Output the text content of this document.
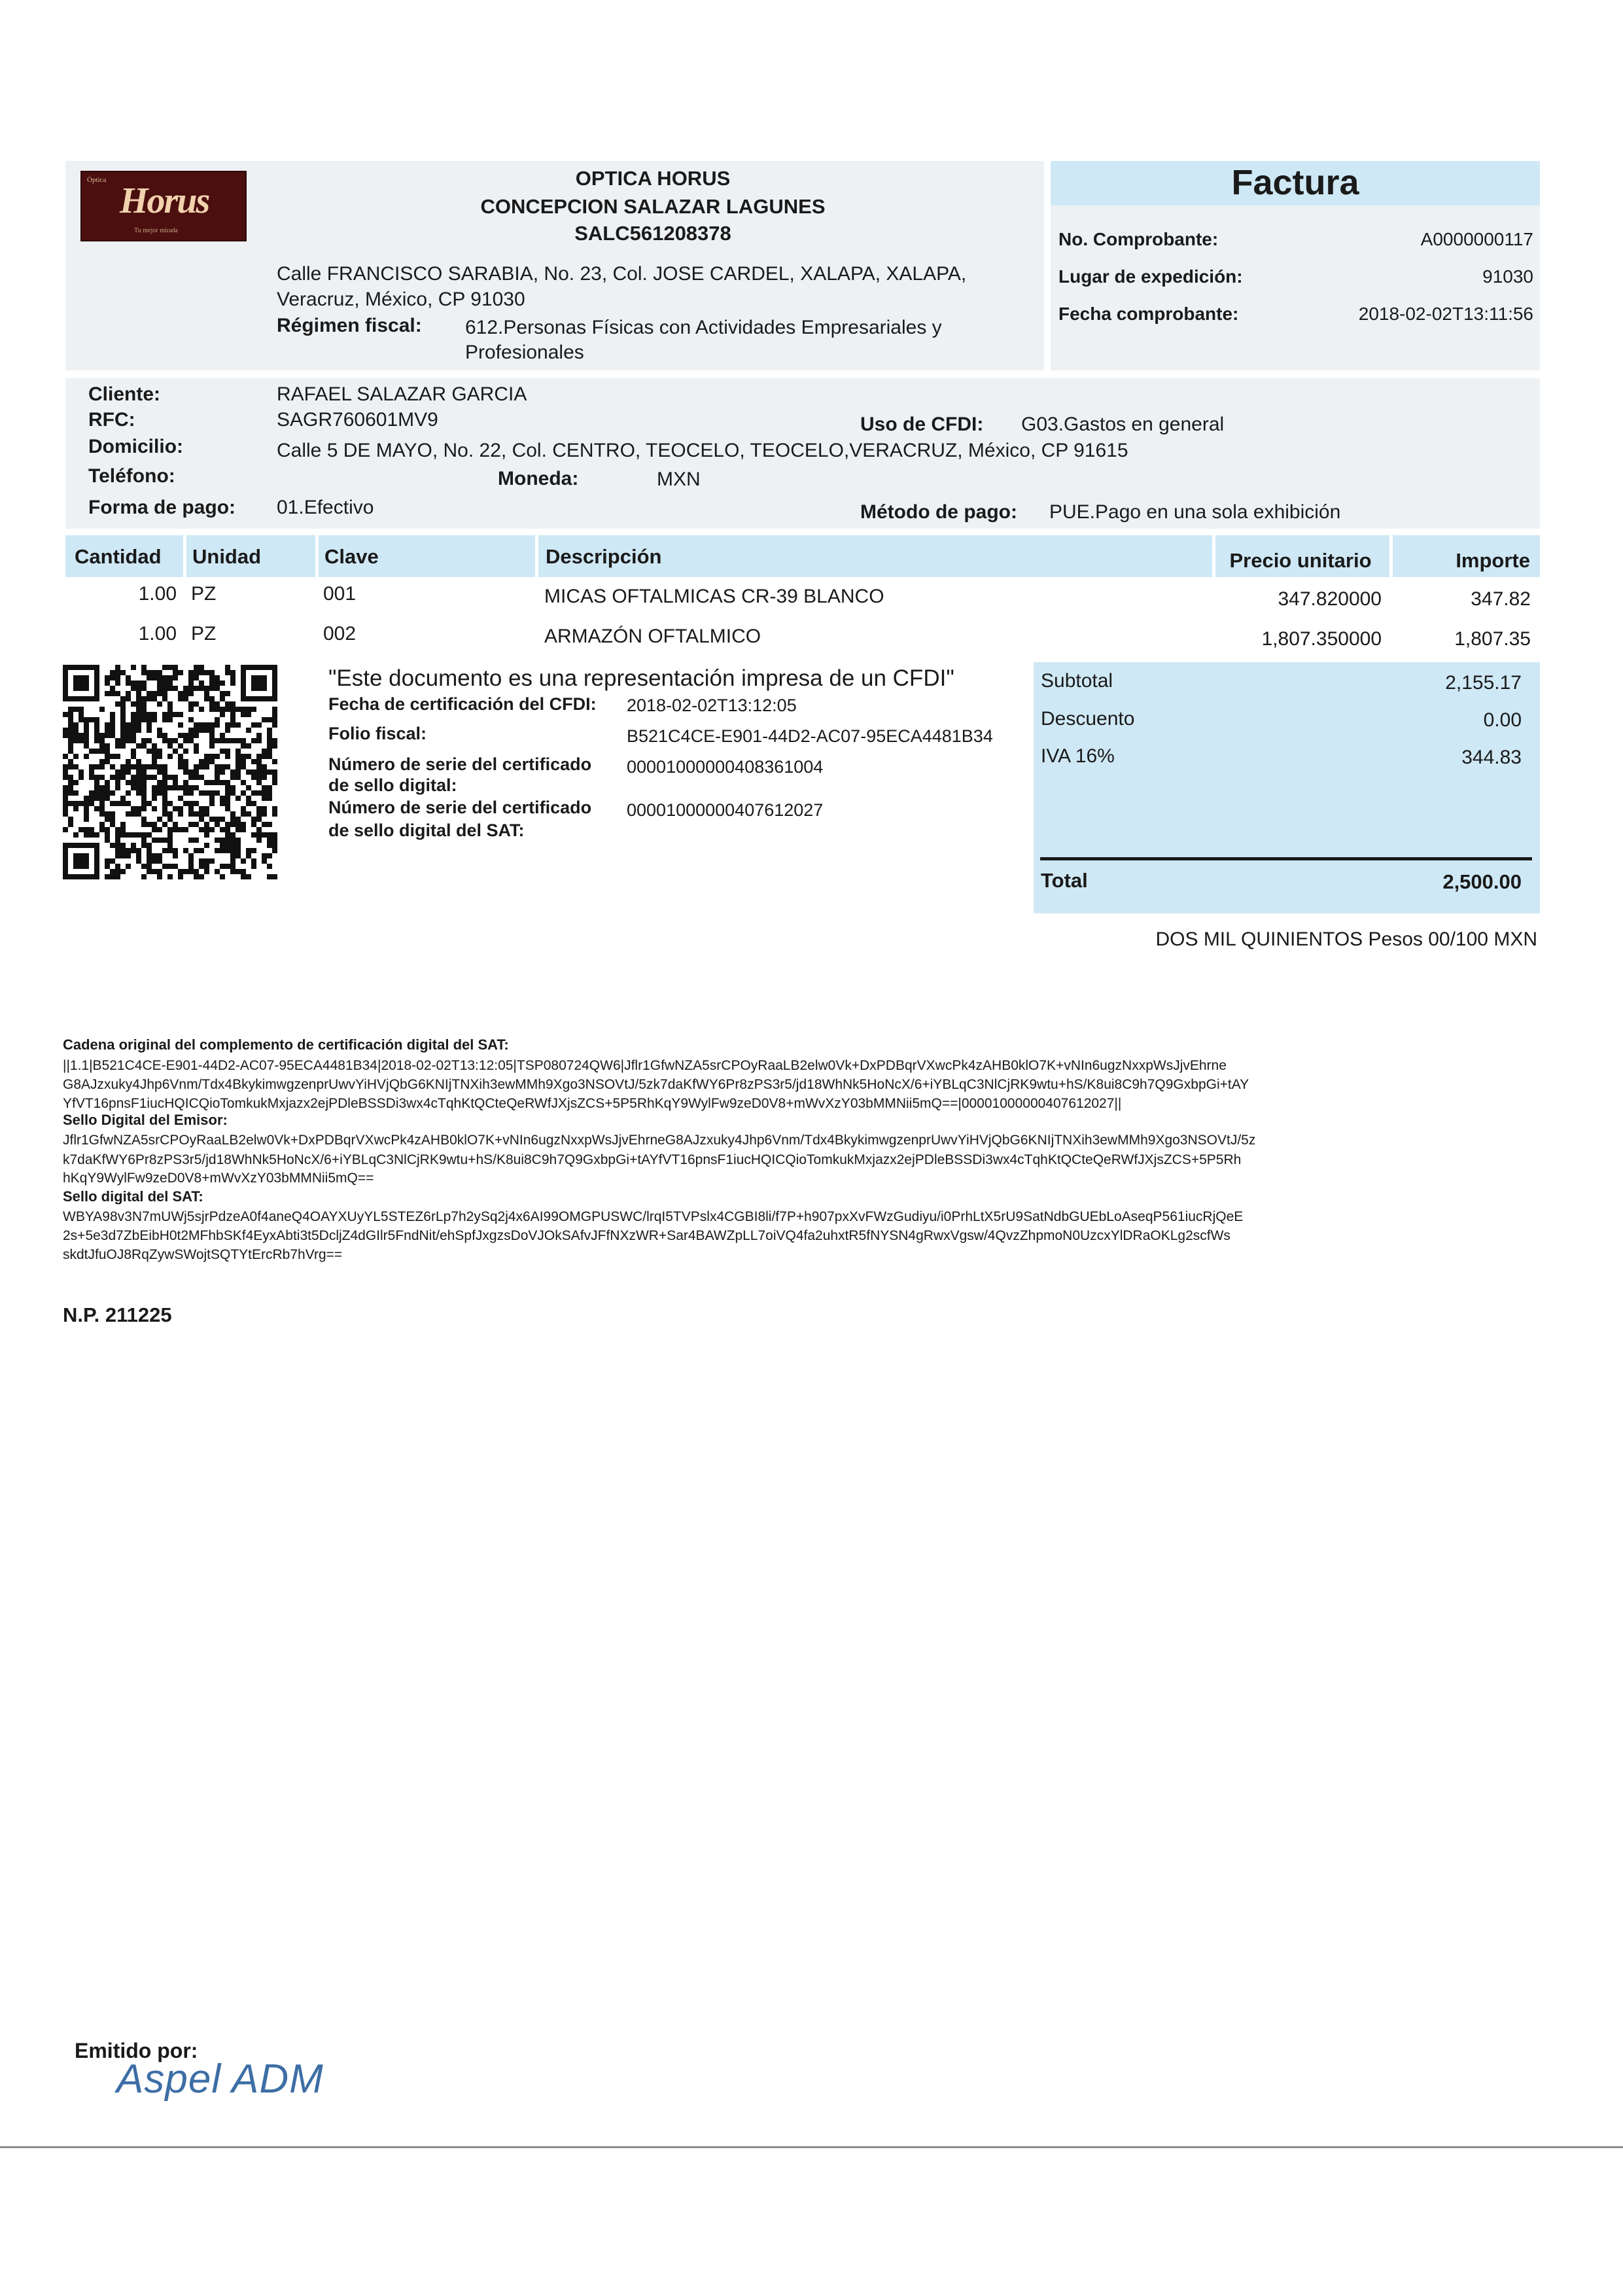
Óptica
Horus
Tu mejor mirada
OPTICA HORUS
CONCEPCION SALAZAR LAGUNES
SALC561208378
Calle FRANCISCO SARABIA, No. 23, Col. JOSE CARDEL, XALAPA, XALAPA,
Veracruz, México, CP 91030
Régimen fiscal: 612.Personas Físicas con Actividades Empresariales y
Profesionales
Factura
No. Comprobante:	A0000000117
Lugar de expedición:	91030
Fecha comprobante:	2018-02-02T13:11:56
Cliente:	RAFAEL SALAZAR GARCIA
RFC:	SAGR760601MV9	Uso de CFDI: G03.Gastos en general
Domicilio:	Calle 5 DE MAYO, No. 22, Col. CENTRO, TEOCELO, TEOCELO,VERACRUZ, México, CP 91615
Teléfono:	Moneda:	MXN
Forma de pago: 01.Efectivo	Método de pago: PUE.Pago en una sola exhibición
Cantidad Unidad	Clave	Descripción	Precio unitario	Importe
1.00 PZ	001	MICAS OFTALMICAS CR-39 BLANCO	347.820000	347.82
1.00 PZ	002	ARMAZÓN OFTALMICO	1,807.350000	1,807.35
"Este documento es una representación impresa de un CFDI"
Fecha de certificación del CFDI: 2018-02-02T13:12:05
Folio fiscal:	B521C4CE-E901-44D2-AC07-95ECA4481B34
Número de serie del certificado
de sello digital:
00001000000408361004
Número de serie del certificado
de sello digital del SAT:
00001000000407612027
Subtotal	2,155.17
Descuento	0.00
IVA 16%	344.83
Total	2,500.00
DOS MIL QUINIENTOS Pesos 00/100 MXN
Cadena original del complemento de certificación digital del SAT:
||1.1|B521C4CE-E901-44D2-AC07-95ECA4481B34|2018-02-02T13:12:05|TSP080724QW6|Jflr1GfwNZA5srCPOyRaaLB2elw0Vk+DxPDBqrVXwcPk4zAHB0klO7K+vNIn6ugzNxxpWsJjvEhrne
G8AJzxuky4Jhp6Vnm/Tdx4BkykimwgzenprUwvYiHVjQbG6KNIjTNXih3ewMMh9Xgo3NSOVtJ/5zk7daKfWY6Pr8zPS3r5/jd18WhNk5HoNcX/6+iYBLqC3NlCjRK9wtu+hS/K8ui8C9h7Q9GxbpGi+tAY
YfVT16pnsF1iucHQICQioTomkukMxjazx2ejPDleBSSDi3wx4cTqhKtQCteQeRWfJXjsZCS+5P5RhKqY9WylFw9zeD0V8+mWvXzY03bMMNii5mQ==|00001000000407612027||
Sello Digital del Emisor:
Jflr1GfwNZA5srCPOyRaaLB2elw0Vk+DxPDBqrVXwcPk4zAHB0klO7K+vNIn6ugzNxxpWsJjvEhrneG8AJzxuky4Jhp6Vnm/Tdx4BkykimwgzenprUwvYiHVjQbG6KNIjTNXih3ewMMh9Xgo3NSOVtJ/5z
k7daKfWY6Pr8zPS3r5/jd18WhNk5HoNcX/6+iYBLqC3NlCjRK9wtu+hS/K8ui8C9h7Q9GxbpGi+tAYfVT16pnsF1iucHQICQioTomkukMxjazx2ejPDleBSSDi3wx4cTqhKtQCteQeRWfJXjsZCS+5P5Rh
hKqY9WylFw9zeD0V8+mWvXzY03bMMNii5mQ==
Sello digital del SAT:
WBYA98v3N7mUWj5sjrPdzeA0f4aneQ4OAYXUyYL5STEZ6rLp7h2ySq2j4x6AI99OMGPUSWC/lrqI5TVPslx4CGBI8li/f7P+h907pxXvFWzGudiyu/i0PrhLtX5rU9SatNdbGUEbLoAseqP561iucRjQeE
2s+5e3d7ZbEibH0t2MFhbSKf4EyxAbti3t5DcljZ4dGIlr5FndNit/ehSpfJxgzsDoVJOkSAfvJFfNXzWR+Sar4BAWZpLL7oiVQ4fa2uhxtR5fNYSN4gRwxVgsw/4QvzZhpmoN0UzcxYlDRaOKLg2scfWs
skdtJfuOJ8RqZywSWojtSQTYtErcRb7hVrg==
N.P. 211225
Emitido por:
Aspel ADM
